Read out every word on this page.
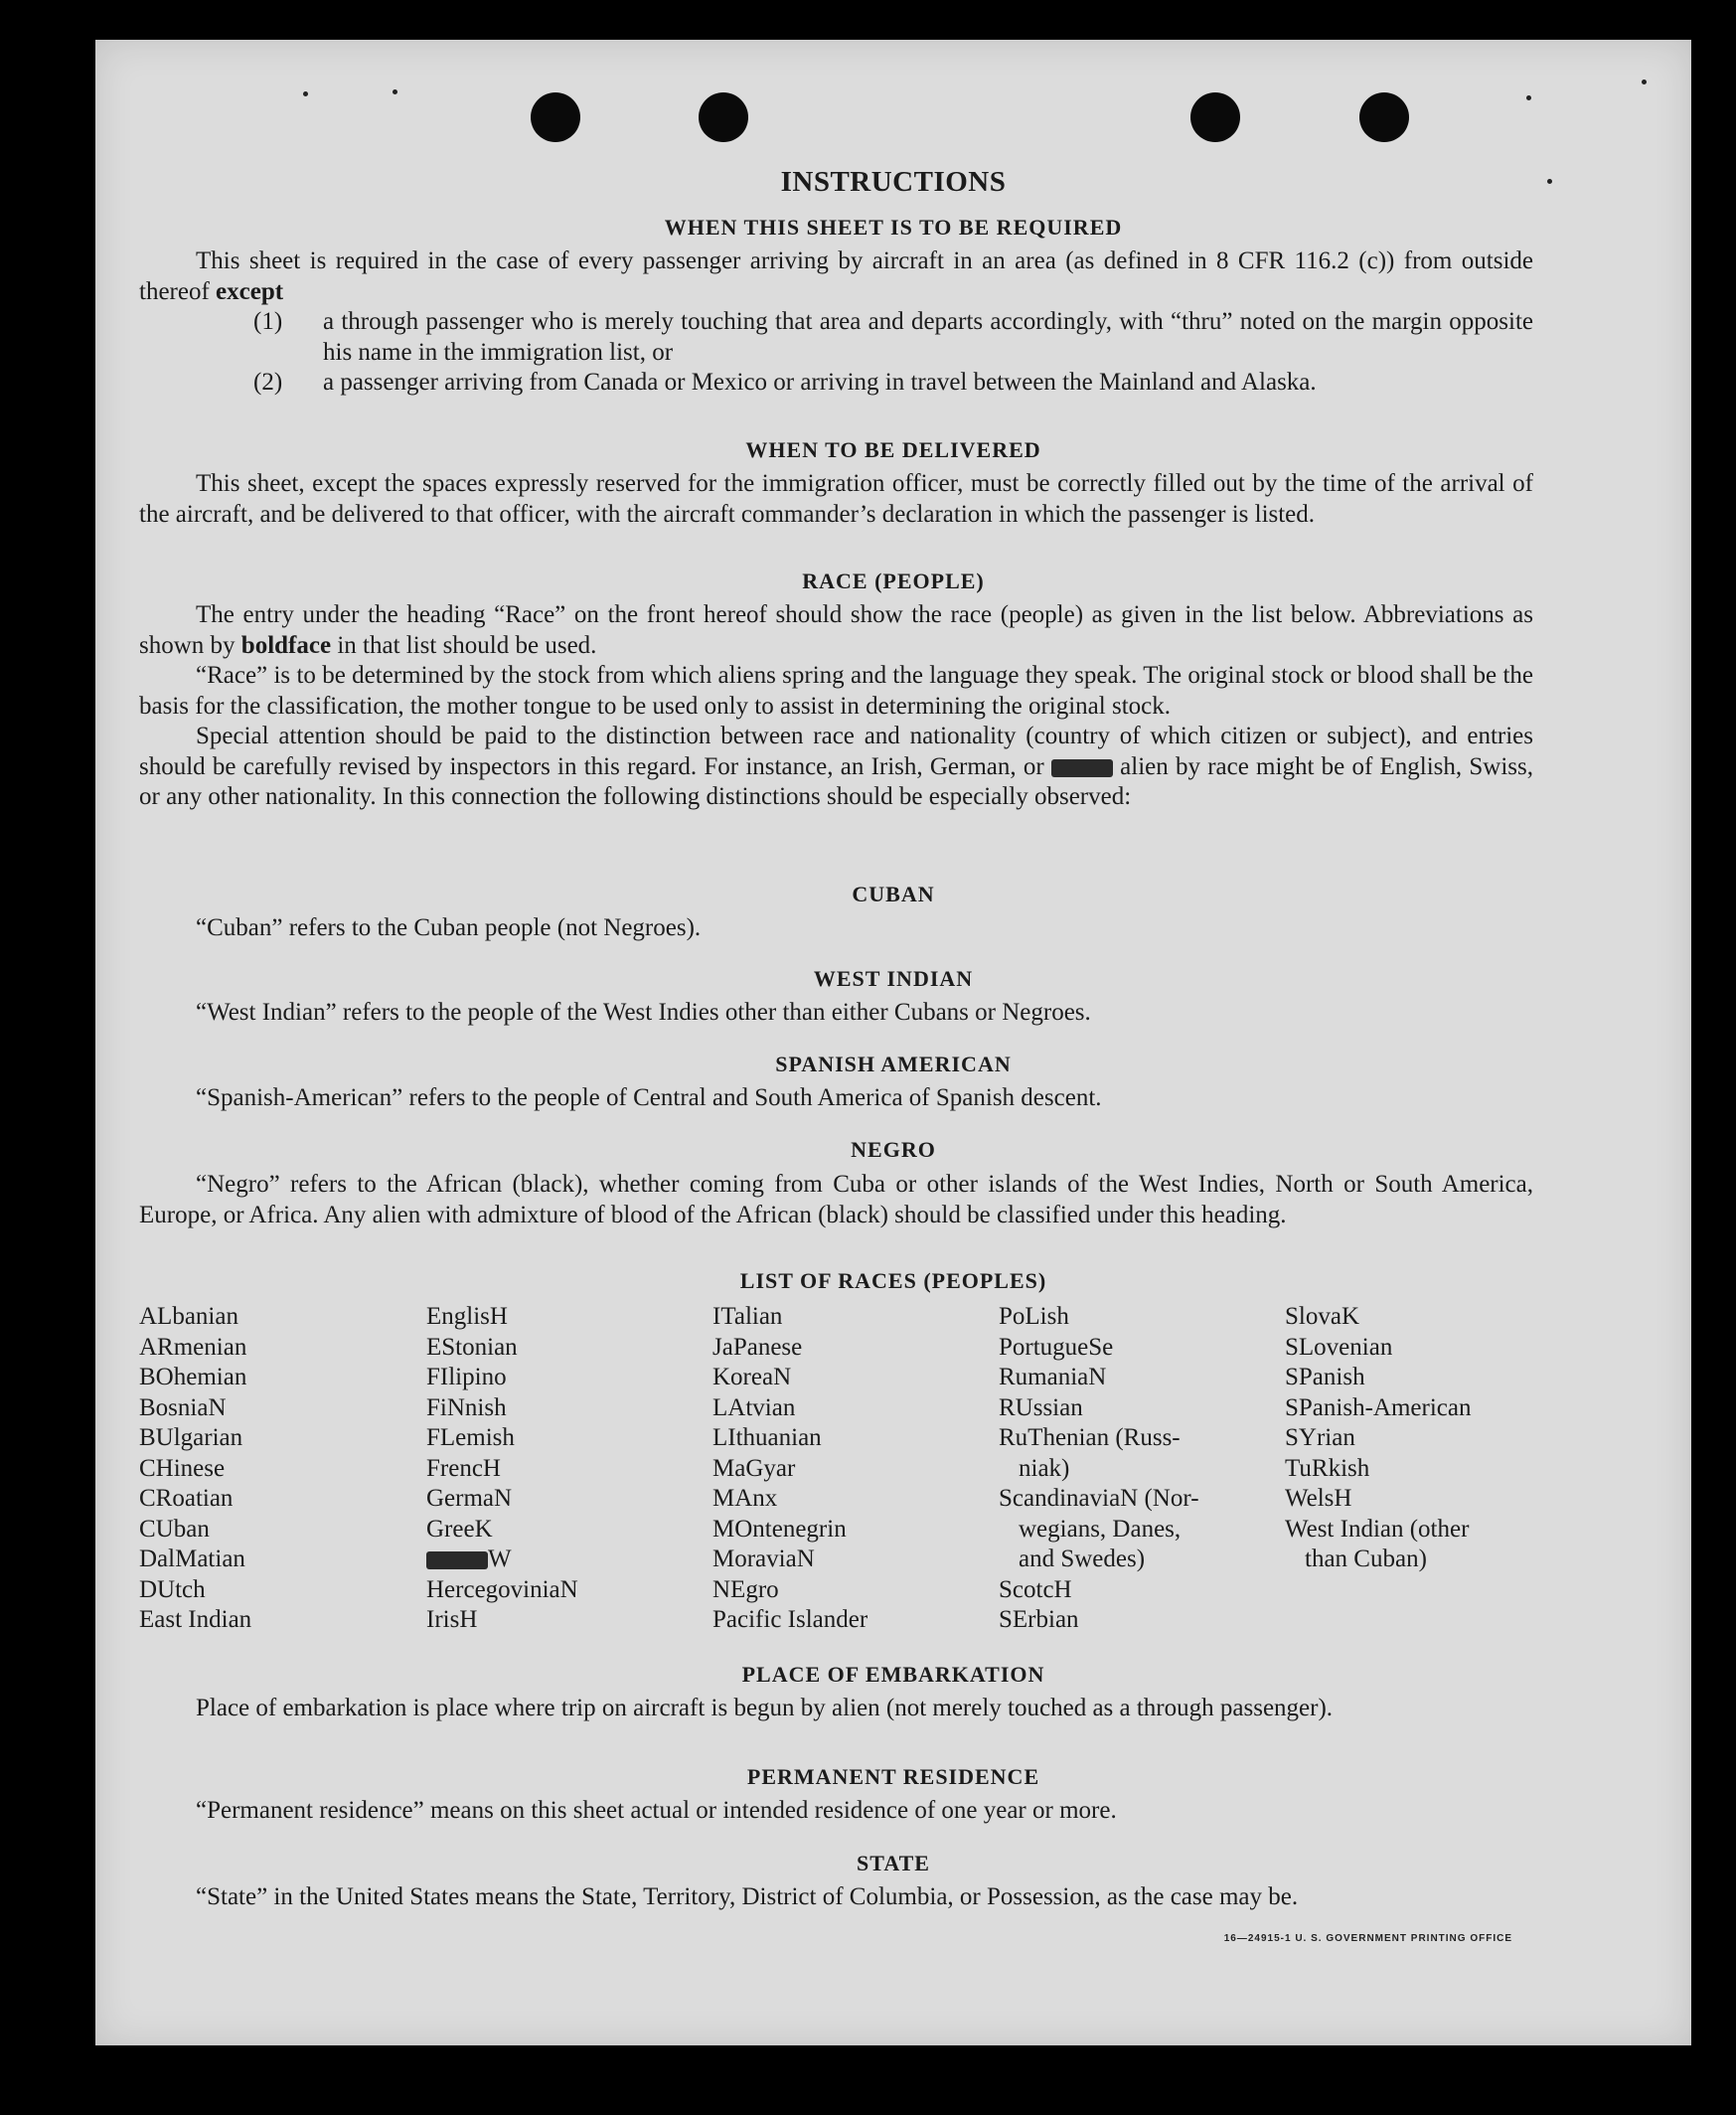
INSTRUCTIONS
WHEN THIS SHEET IS TO BE REQUIRED

This sheet is required in the case of every passenger arriving by aircraft in an area (as defined in 8 CFR 116.2 (c)) from outside thereof except

(1)	a through passenger who is merely touching that area and departs accordingly, with “thru” noted on the margin opposite his name in the immigration list, or

(2)	a passenger arriving from Canada or Mexico or arriving in travel between the Mainland and Alaska.

WHEN TO BE DELIVERED

This sheet, except the spaces expressly reserved for the immigration officer, must be correctly filled out by the time of the arrival of the aircraft, and be delivered to that officer, with the aircraft commander’s declaration in which the passenger is listed.

RACE (PEOPLE)

The entry under the heading “Race” on the front hereof should show the race (people) as given in the list below. Abbreviations as shown by boldface in that list should be used.

“Race” is to be determined by the stock from which aliens spring and the language they speak. The original stock or blood shall be the basis for the classification, the mother tongue to be used only to assist in determining the original stock.

Special attention should be paid to the distinction between race and nationality (country of which citizen or subject), and entries should be carefully revised by inspectors in this regard. For instance, an Irish, German, or	alien by race might be of English, Swiss, or any other nationality. In this connection the following distinctions should be especially observed:

CUBAN

“Cuban” refers to the Cuban people (not Negroes).

WEST INDIAN

“West Indian” refers to the people of the West Indies other than either Cubans or Negroes.

SPANISH AMERICAN

“Spanish-American” refers to the people of Central and South America of Spanish descent.

NEGRO

“Negro” refers to the African (black), whether coming from Cuba or other islands of the West Indies, North or South America, Europe, or Africa. Any alien with admixture of blood of the African (black) should be classified under this heading.

LIST OF RACES (PEOPLES)
ALbanian
ARmenian
BOhemian
BosniaN
BUlgarian
CHinese
CRoatian
CUban
DalMatian
DUtch
East Indian
EnglisH
EStonian
FIlipino
FiNnish
FLemish
FrencH
GermaN
GreeK
W
HercegoviniaN
IrisH
ITalian
JaPanese
KoreaN
LAtvian
LIthuanian
MaGyar
MAnx
MOntenegrin
MoraviaN
NEgro
Pacific Islander
PoLish
PortugueSe
RumaniaN
RUssian
RuThenian (Russ-
niak)
ScandinaviaN (Nor-
wegians, Danes,
and Swedes)
ScotcH
SErbian
SlovaK
SLovenian
SPanish
SPanish-American
SYrian
TuRkish
WelsH
West Indian (other
than Cuban)
PLACE OF EMBARKATION

Place of embarkation is place where trip on aircraft is begun by alien (not merely touched as a through passenger).

PERMANENT RESIDENCE

“Permanent residence” means on this sheet actual or intended residence of one year or more.

STATE

“State” in the United States means the State, Territory, District of Columbia, or Possession, as the case may be.

16—24915-1 U. S. GOVERNMENT PRINTING OFFICE
